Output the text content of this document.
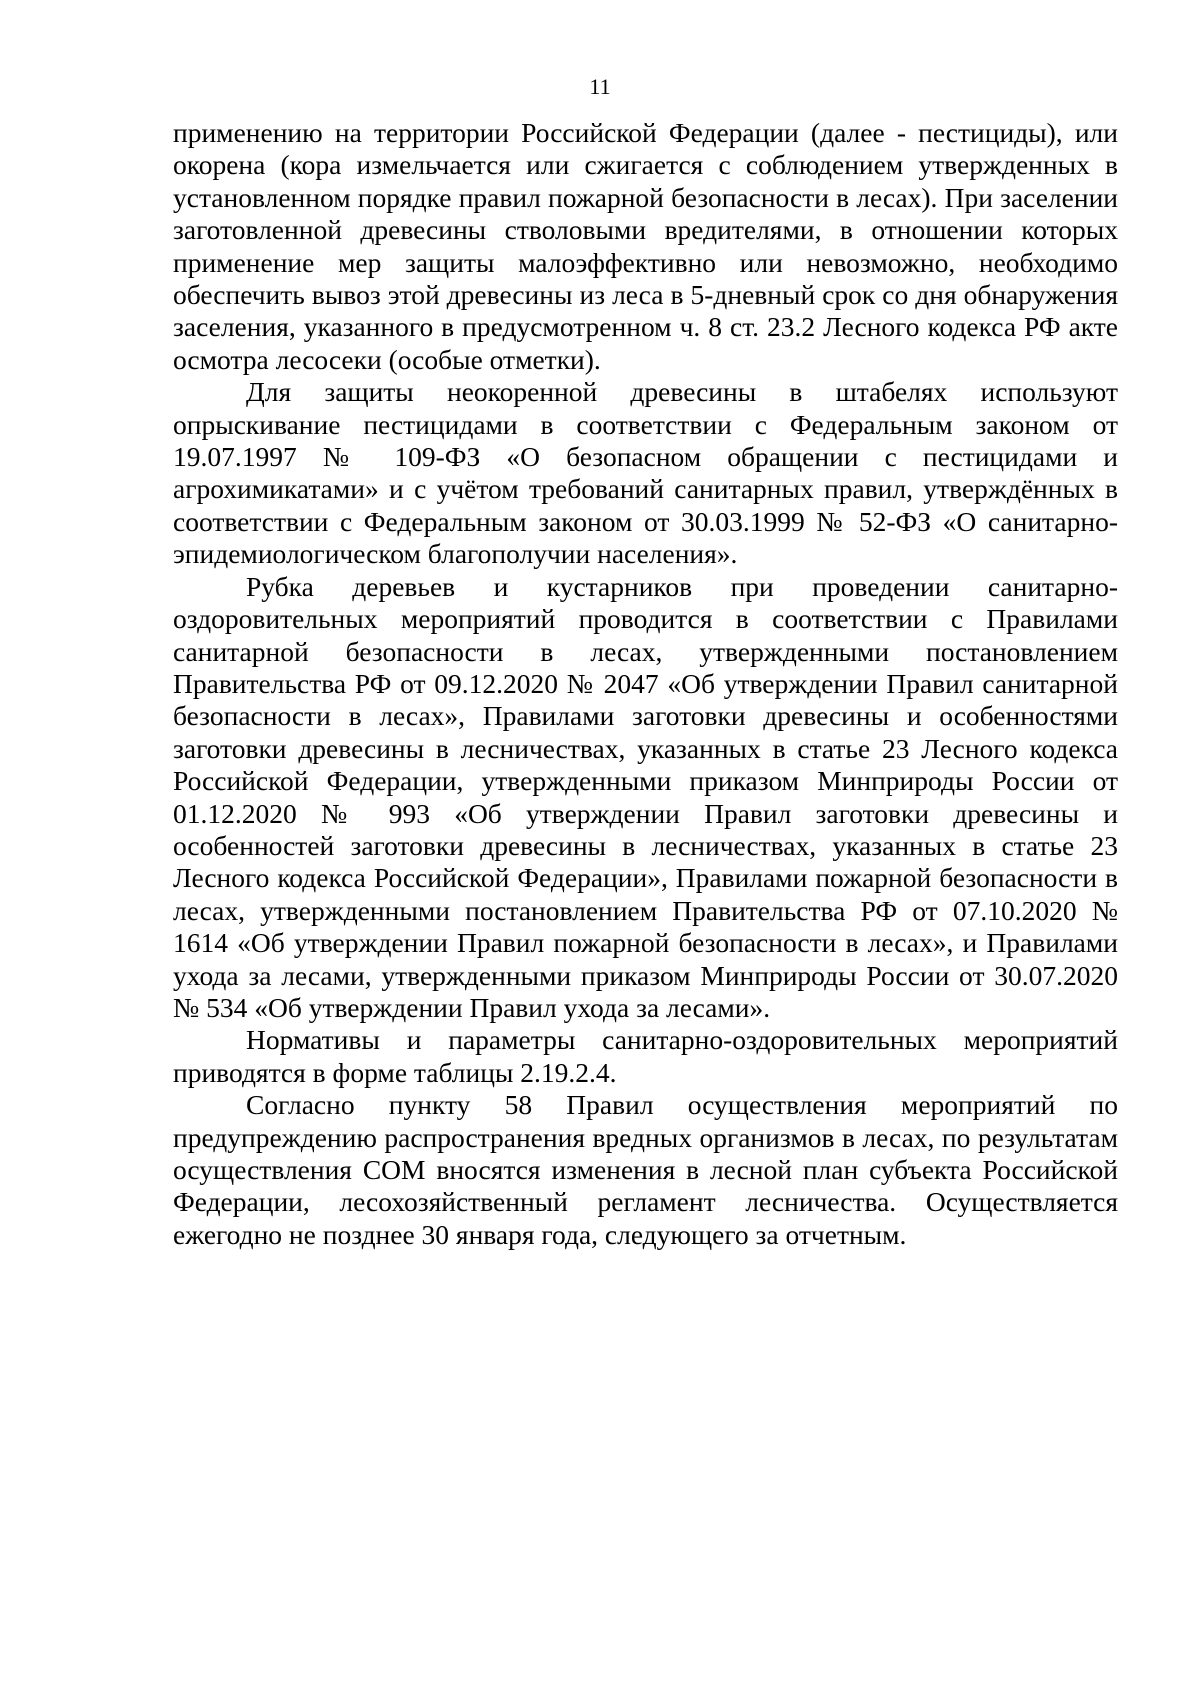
11

применению на территории Российской Федерации (далее - пестициды), или окорена (кора измельчается или сжигается с соблюдением утвержденных в установленном порядке правил пожарной безопасности в лесах). При заселении заготовленной древесины стволовыми вредителями, в отношении которых применение мер защиты малоэффективно или невозможно, необходимо обеспечить вывоз этой древесины из леса в 5-дневный срок со дня обнаружения заселения, указанного в предусмотренном ч. 8 ст. 23.2 Лесного кодекса РФ акте осмотра лесосеки (особые отметки).

Для защиты неокоренной древесины в штабелях используют опрыскивание пестицидами в соответствии с Федеральным законом от 19.07.1997 № 109-ФЗ «О безопасном обращении с пестицидами и агрохимикатами» и с учётом требований санитарных правил, утверждённых в соответствии с Федеральным законом от 30.03.1999 № 52-ФЗ «О санитарно-эпидемиологическом благополучии населения».

Рубка деревьев и кустарников при проведении санитарно-оздоровительных мероприятий проводится в соответствии с Правилами санитарной безопасности в лесах, утвержденными постановлением Правительства РФ от 09.12.2020 № 2047 «Об утверждении Правил санитарной безопасности в лесах», Правилами заготовки древесины и особенностями заготовки древесины в лесничествах, указанных в статье 23 Лесного кодекса Российской Федерации, утвержденными приказом Минприроды России от 01.12.2020 № 993 «Об утверждении Правил заготовки древесины и особенностей заготовки древесины в лесничествах, указанных в статье 23 Лесного кодекса Российской Федерации», Правилами пожарной безопасности в лесах, утвержденными постановлением Правительства РФ от 07.10.2020 № 1614 «Об утверждении Правил пожарной безопасности в лесах», и Правилами ухода за лесами, утвержденными приказом Минприроды России от 30.07.2020 № 534 «Об утверждении Правил ухода за лесами».

Нормативы и параметры санитарно-оздоровительных мероприятий приводятся в форме таблицы 2.19.2.4.

Согласно пункту 58 Правил осуществления мероприятий по предупреждению распространения вредных организмов в лесах, по результатам осуществления СОМ вносятся изменения в лесной план субъекта Российской Федерации, лесохозяйственный регламент лесничества. Осуществляется ежегодно не позднее 30 января года, следующего за отчетным.
